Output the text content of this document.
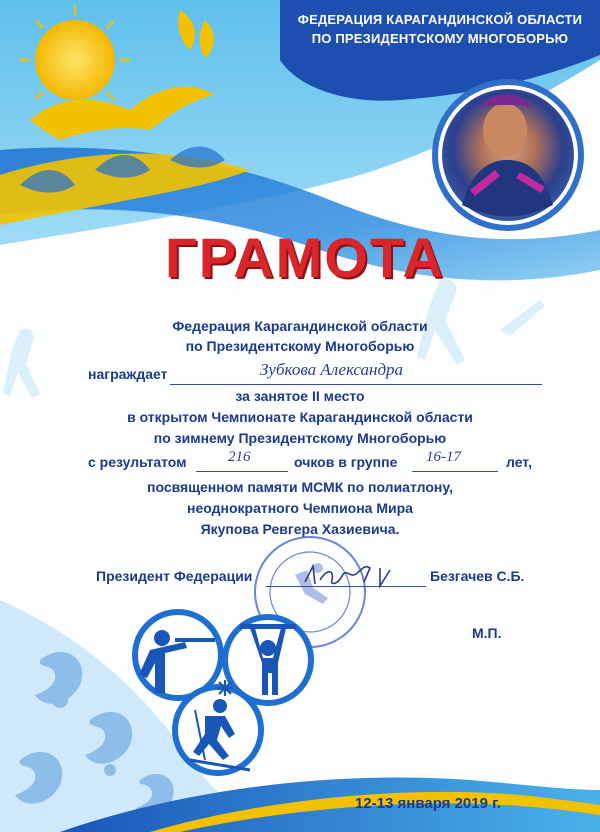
ФЕДЕРАЦИЯ КАРАГАНДИНСКОЙ ОБЛАСТИ
ПО ПРЕЗИДЕНТСКОМУ МНОГОБОРЬЮ
ГРАМОТА
Федерация Карагандинской области
по Президентскому Многоборью
награждает	Зубкова Александра
за занятое II место
в открытом Чемпионате Карагандинской области
по зимнему Президентскому Многоборью
с результатом	216	очков в группе 16-17	лет,
посвященном памяти МСМК по полиатлону,
неоднократного Чемпиона Мира
Якупова Ревгера Хазиевича.
Президент Федерации
Безгачев
Безгачев С.Б.
М.П.
12-13 января 2019 г.
